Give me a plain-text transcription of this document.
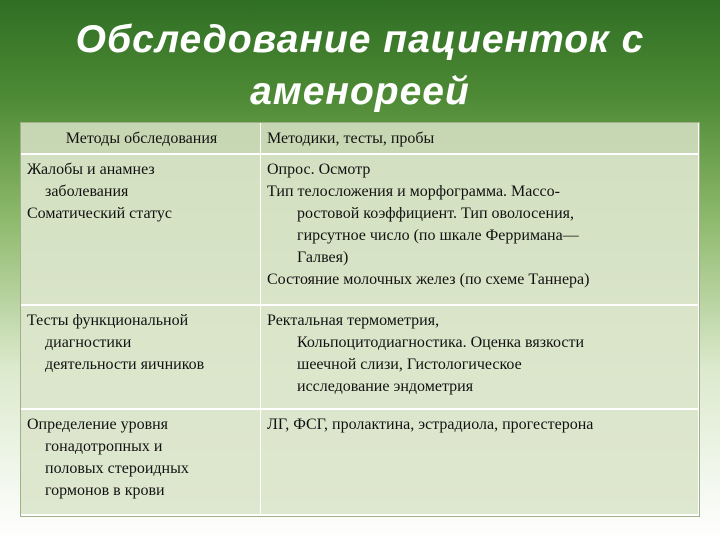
Обследование пациенток с
аменореей
Методы обследования	Методики, тесты, пробы
Жалобы и анамнез
заболевания
Соматический статус
Опрос. Осмотр
Тип телосложения и морфограмма. Массо-
ростовой коэффициент. Тип оволосения,
гирсутное число (по шкале Ферримана—
Галвея)
Состояние молочных желез (по схеме Таннера)
Тесты функциональной
диагностики
деятельности яичников
Ректальная термометрия,
Кольпоцитодиагностика. Оценка вязкости
шеечной слизи, Гистологическое
исследование эндометрия
Определение уровня
гонадотропных и
половых стероидных
гормонов в крови
ЛГ, ФСГ, пролактина, эстрадиола, прогестерона
